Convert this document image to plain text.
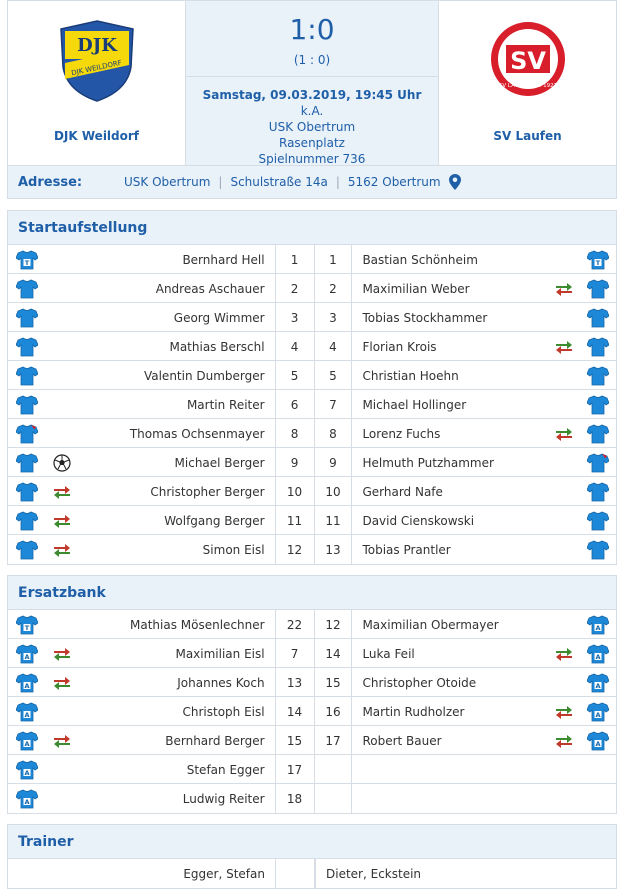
DJK
DJK WEILDORF
DJK Weildorf
1:0
(1 : 0)
Samstag, 09.03.2019, 19:45 Uhr
k.A.
USK Obertrum
Rasenplatz
Spielnummer 736
SV
SV LAUFEN e.V. 1927
SV Laufen
Adresse:	USK Obertrum | Schulstraße 14a | 5162 Obertrum
Startaufstellung
T	Bernhard Hell	1	1	Bastian Schönheim	T
Andreas Aschauer	2	2	Maximilian Weber
Georg Wimmer	3	3	Tobias Stockhammer
Mathias Berschl	4	4	Florian Krois
Valentin Dumberger	5	5	Christian Hoehn
Martin Reiter	6	7	Michael Hollinger
Thomas Ochsenmayer	8	8	Lorenz Fuchs
Michael Berger	9	9	Helmuth Putzhammer
Christopher Berger	10	10	Gerhard Nafe
Wolfgang Berger	11	11	David Cienskowski
Simon Eisl	12	13	Tobias Prantler
Ersatzbank
T	Mathias Mösenlechner	22	12	Maximilian Obermayer	A
A	Maximilian Eisl	7	14	Luka Feil	A
A	Johannes Koch	13	15	Christopher Otoide	A
A	Christoph Eisl	14	16	Martin Rudholzer	A
A	Bernhard Berger	15	17	Robert Bauer	A
A	Stefan Egger	17
A	Ludwig Reiter	18
Trainer
Egger, Stefan	Dieter, Eckstein
